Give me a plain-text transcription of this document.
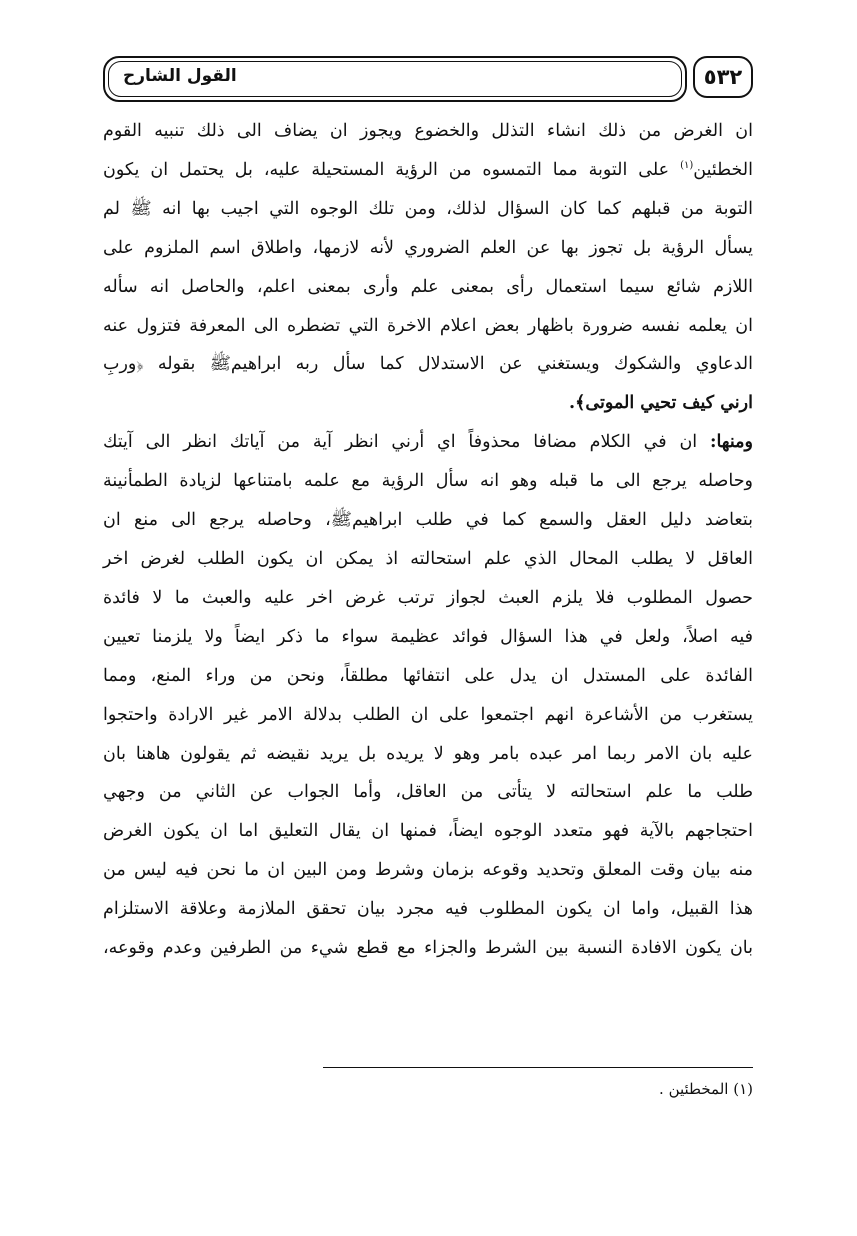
٥٣٢
القول الشارح
ان الغرض من ذلك انشاء التذلل والخضوع ويجوز ان يضاف الى ذلك تنبيه القوم
الخطئين$^{(١)}$ على التوبة مما التمسوه من الرؤية المستحيلة عليه، بل يحتمل ان يكون
التوبة من قبلهم كما كان السؤال لذلك، ومن تلك الوجوه التي اجيب بها انه ﷺ لم
يسأل الرؤية بل تجوز بها عن العلم الضروري لأنه لازمها، واطلاق اسم الملزوم على
اللازم شائع سيما استعمال رأى بمعنى علم وأرى بمعنى اعلم، والحاصل انه سأله
ان يعلمه نفسه ضرورة باظهار بعض اعلام الاخرة التي تضطره الى المعرفة فتزول عنه
الدعاوي والشكوك ويستغني عن الاستدلال كما سأل ربه ابراهيمﷺ بقوله ﴿وربِ
ارني كيف تحيي الموتى﴾.
ومنها: ان في الكلام مضافا محذوفاً اي أرني انظر آية من آياتك انظر الى آيتك
وحاصله يرجع الى ما قبله وهو انه سأل الرؤية مع علمه بامتناعها لزيادة الطمأنينة
بتعاضد دليل العقل والسمع كما في طلب ابراهيمﷺ، وحاصله يرجع الى منع ان
العاقل لا يطلب المحال الذي علم استحالته اذ يمكن ان يكون الطلب لغرض اخر
حصول المطلوب فلا يلزم العبث لجواز ترتب غرض اخر عليه والعبث ما لا فائدة
فيه اصلاً، ولعل في هذا السؤال فوائد عظيمة سواء ما ذكر ايضاً ولا يلزمنا تعيين
الفائدة على المستدل ان يدل على انتفائها مطلقاً، ونحن من وراء المنع، ومما
يستغرب من الأشاعرة انهم اجتمعوا على ان الطلب بدلالة الامر غير الارادة واحتجوا
عليه بان الامر ربما امر عبده بامر وهو لا يريده بل يريد نقيضه ثم يقولون هاهنا بان
طلب ما علم استحالته لا يتأتى من العاقل، وأما الجواب عن الثاني من وجهي
احتجاجهم بالآية فهو متعدد الوجوه ايضاً، فمنها ان يقال التعليق اما ان يكون الغرض
منه بيان وقت المعلق وتحديد وقوعه بزمان وشرط ومن البين ان ما نحن فيه ليس من
هذا القبيل، واما ان يكون المطلوب فيه مجرد بيان تحقق الملازمة وعلاقة الاستلزام
بان يكون الافادة النسبة بين الشرط والجزاء مع قطع شيء من الطرفين وعدم وقوعه،
(١) المخطئين .
